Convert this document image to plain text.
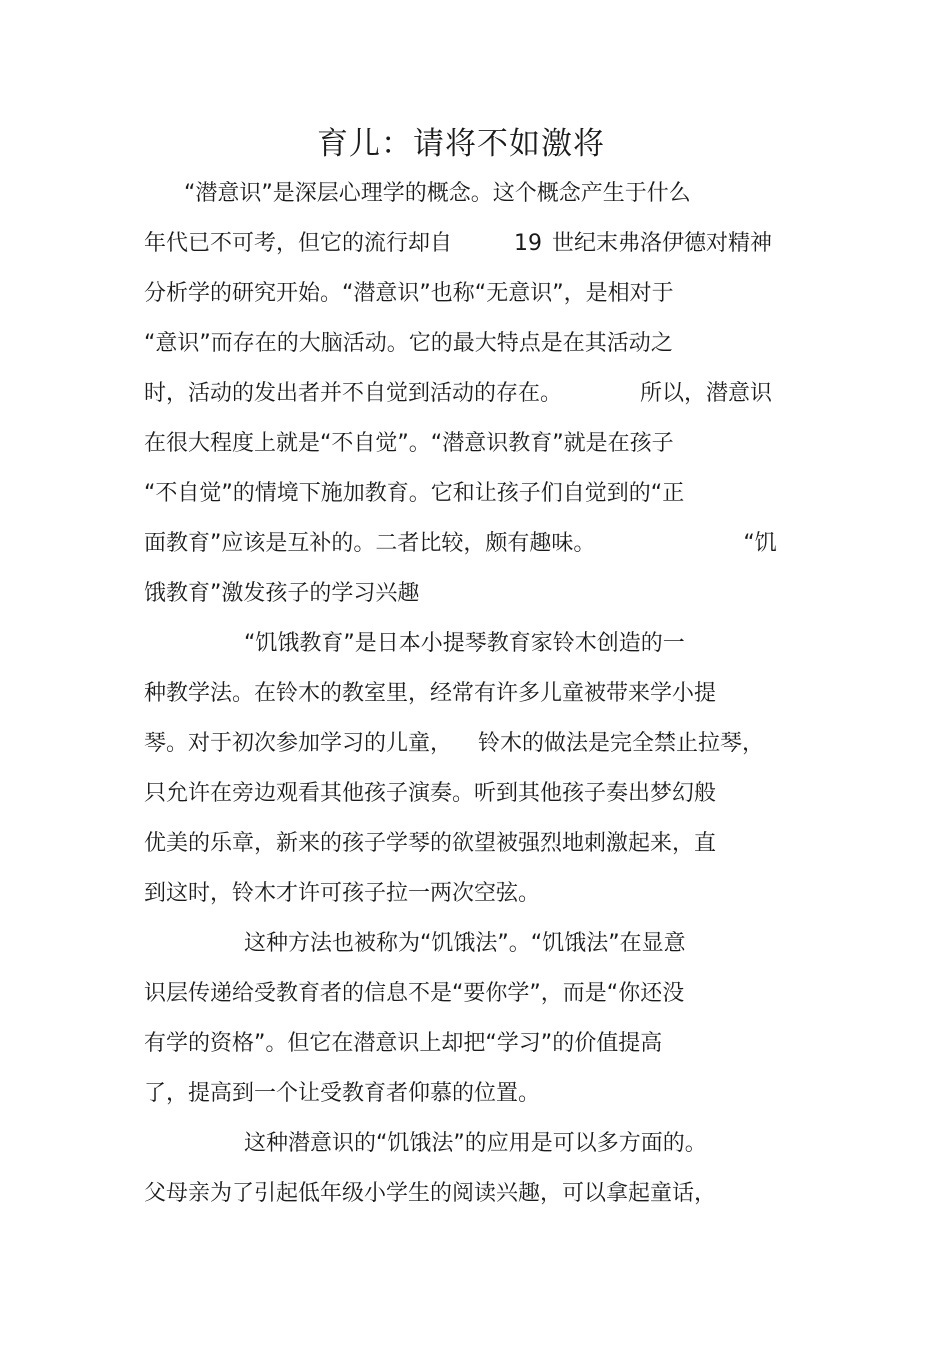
育儿：请将不如激将
“潜意识”是深层心理学的概念。这个概念产生于什么
年代已不可考，但它的流行却自	19 世纪末弗洛伊德对精神
分析学的研究开始。“潜意识”也称“无意识”，是相对于
“意识”而存在的大脑活动。它的最大特点是在其活动之
时，活动的发出者并不自觉到活动的存在。	所以，潜意识
在很大程度上就是“不自觉”。“潜意识教育”就是在孩子
“不自觉”的情境下施加教育。它和让孩子们自觉到的“正
面教育”应该是互补的。二者比较，颇有趣味。	“饥
饿教育”激发孩子的学习兴趣
“饥饿教育”是日本小提琴教育家铃木创造的一
种教学法。在铃木的教室里，经常有许多儿童被带来学小提
琴。对于初次参加学习的儿童， 铃木的做法是完全禁止拉琴，
只允许在旁边观看其他孩子演奏。听到其他孩子奏出梦幻般
优美的乐章，新来的孩子学琴的欲望被强烈地刺激起来，直
到这时，铃木才许可孩子拉一两次空弦。
这种方法也被称为“饥饿法”。“饥饿法”在显意
识层传递给受教育者的信息不是“要你学”，而是“你还没
有学的资格”。但它在潜意识上却把“学习”的价值提高
了，提高到一个让受教育者仰慕的位置。
这种潜意识的“饥饿法”的应用是可以多方面的。
父母亲为了引起低年级小学生的阅读兴趣，可以拿起童话，
